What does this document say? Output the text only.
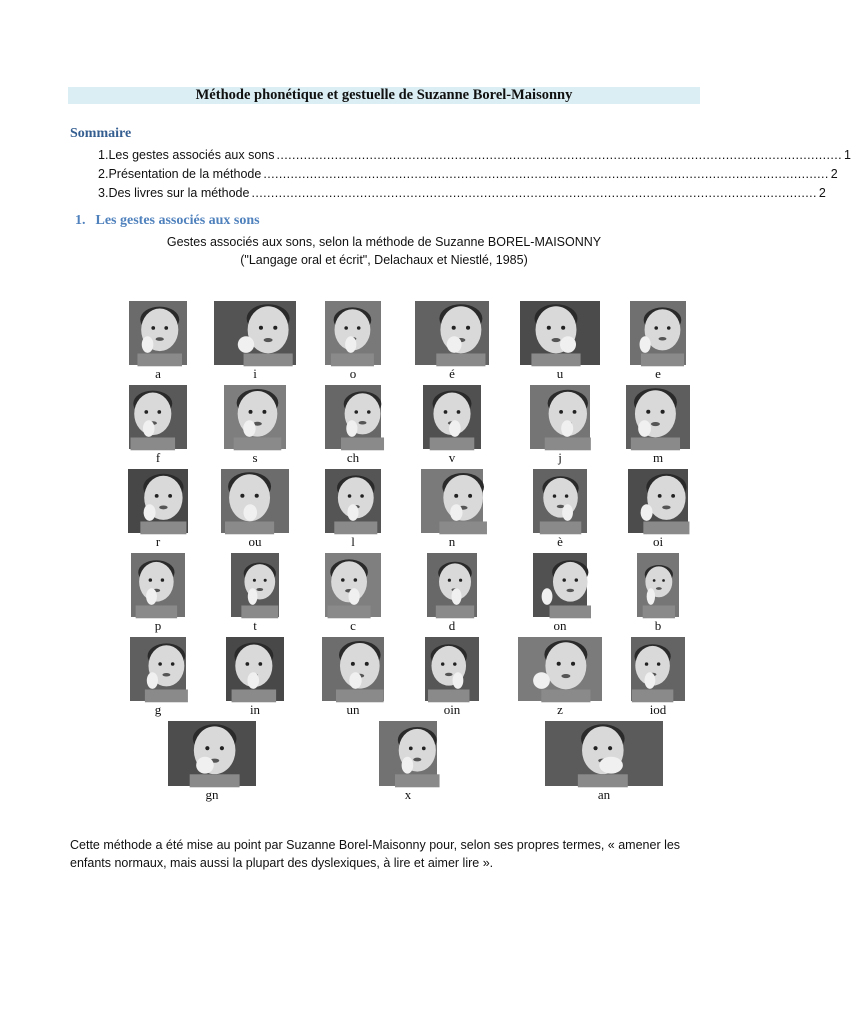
Méthode phonétique et gestuelle de Suzanne Borel-Maisonny
Sommaire
1. Les gestes associés aux sons .................................................................................................................................................. 1
2. Présentation de la méthode .................................................................................................................................................. 2
3. Des livres sur la méthode .................................................................................................................................................. 2
1. Les gestes associés aux sons
Gestes associés aux sons, selon la méthode de Suzanne BOREL-MAISONNY
("Langage oral et écrit", Delachaux et Niestlé, 1985)
a	i	o	é	u	e
f	s	ch	v	j	m
r	ou	l	n	è	oi
p	t	c	d	on	b
g	in	un	oin	z	iod
gn	x	an
Cette méthode a été mise au point par Suzanne Borel-Maisonny pour, selon ses propres termes, « amener les enfants normaux, mais aussi la plupart des dyslexiques, à lire et aimer lire ».
